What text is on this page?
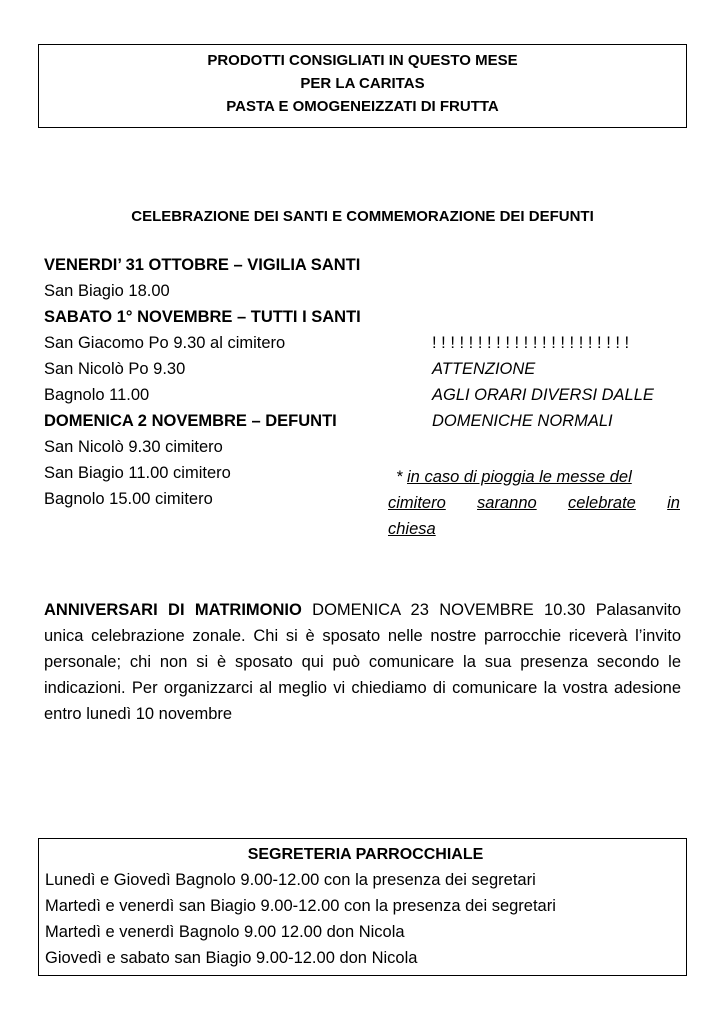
PRODOTTI CONSIGLIATI IN QUESTO MESE
PER LA CARITAS
PASTA E OMOGENEIZZATI DI FRUTTA
CELEBRAZIONE DEI SANTI E COMMEMORAZIONE DEI DEFUNTI
VENERDI’ 31 OTTOBRE – VIGILIA SANTI
San Biagio 18.00
SABATO 1° NOVEMBRE – TUTTI I SANTI
San Giacomo Po 9.30 al cimitero
San Nicolò Po 9.30
Bagnolo 11.00
DOMENICA 2 NOVEMBRE – DEFUNTI
San Nicolò 9.30 cimitero
San Biagio 11.00 cimitero
Bagnolo 15.00 cimitero
! ! ! ! ! ! ! ! ! ! ! ! ! ! ! ! ! ! ! ! ! !
ATTENZIONE
AGLI ORARI DIVERSI DALLE
DOMENICHE NORMALI
* in caso di pioggia le messe del
cimitero saranno celebrate in
chiesa
ANNIVERSARI DI MATRIMONIO DOMENICA 23 NOVEMBRE 10.30 Palasanvito unica celebrazione zonale. Chi si è sposato nelle nostre parrocchie riceverà l’invito personale; chi non si è sposato qui può comunicare la sua presenza secondo le indicazioni. Per organizzarci al meglio vi chiediamo di comunicare la vostra adesione entro lunedì 10 novembre
SEGRETERIA PARROCCHIALE
Lunedì e Giovedì Bagnolo 9.00-12.00 con la presenza dei segretari
Martedì e venerdì san Biagio 9.00-12.00 con la presenza dei segretari
Martedì e venerdì Bagnolo 9.00 12.00 don Nicola
Giovedì e sabato san Biagio 9.00-12.00 don Nicola
